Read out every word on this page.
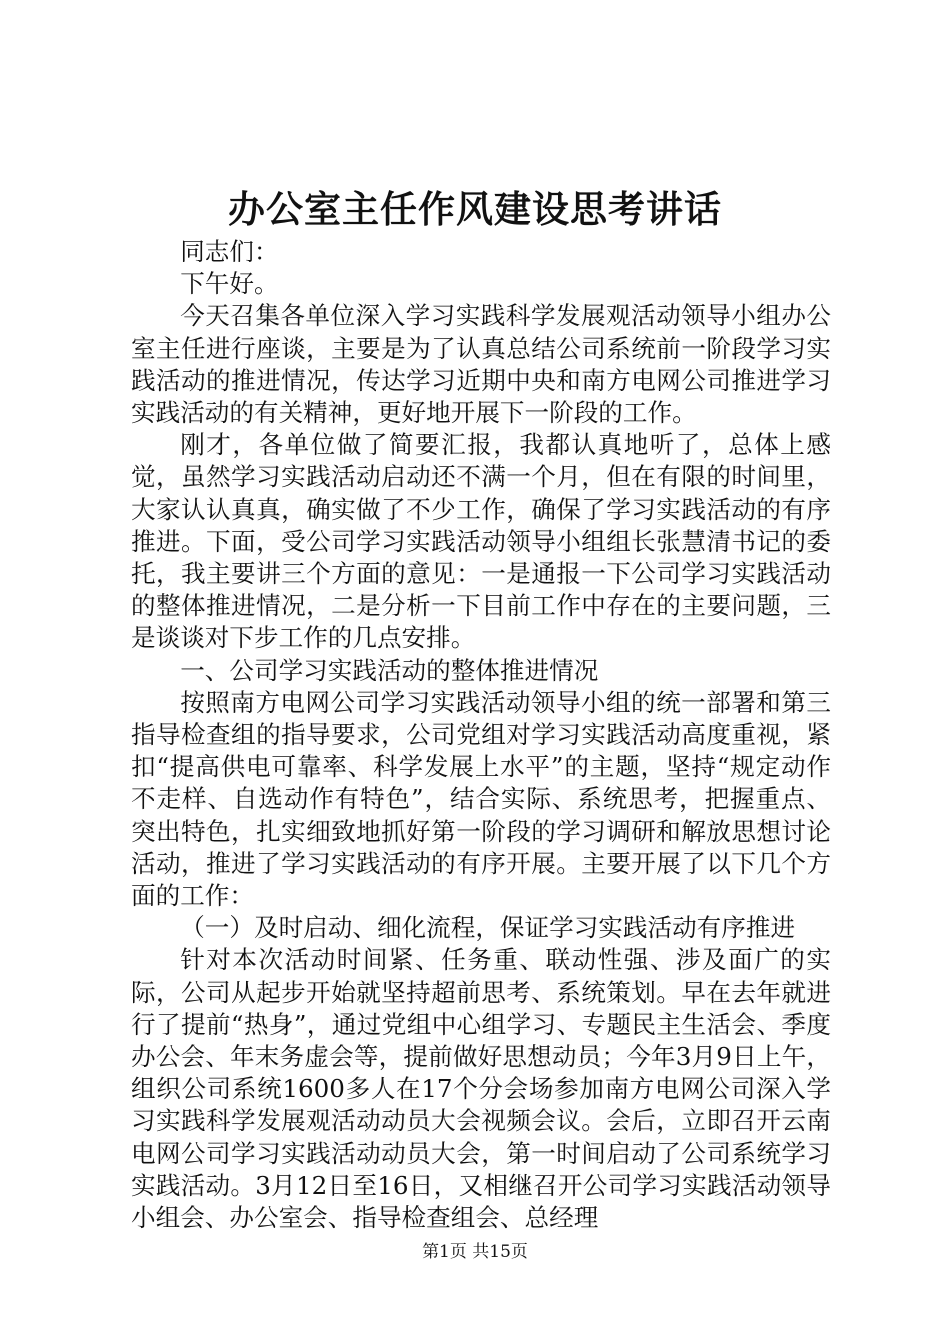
办公室主任作风建设思考讲话

同志们：

下午好。

今天召集各单位深入学习实践科学发展观活动领导小组办公室主任进行座谈，主要是为了认真总结公司系统前一阶段学习实践活动的推进情况，传达学习近期中央和南方电网公司推进学习实践活动的有关精神，更好地开展下一阶段的工作。

刚才，各单位做了简要汇报，我都认真地听了，总体上感觉，虽然学习实践活动启动还不满一个月，但在有限的时间里，大家认认真真，确实做了不少工作，确保了学习实践活动的有序推进。下面，受公司学习实践活动领导小组组长张慧清书记的委托，我主要讲三个方面的意见：一是通报一下公司学习实践活动的整体推进情况，二是分析一下目前工作中存在的主要问题，三是谈谈对下步工作的几点安排。

一、公司学习实践活动的整体推进情况

按照南方电网公司学习实践活动领导小组的统一部署和第三指导检查组的指导要求，公司党组对学习实践活动高度重视，紧扣“提高供电可靠率、科学发展上水平”的主题，坚持“规定动作不走样、自选动作有特色”，结合实际、系统思考，把握重点、突出特色，扎实细致地抓好第一阶段的学习调研和解放思想讨论活动，推进了学习实践活动的有序开展。主要开展了以下几个方面的工作：

（一）及时启动、细化流程，保证学习实践活动有序推进

针对本次活动时间紧、任务重、联动性强、涉及面广的实际，公司从起步开始就坚持超前思考、系统策划。早在去年就进行了提前“热身”，通过党组中心组学习、专题民主生活会、季度办公会、年末务虚会等，提前做好思想动员；今年3月9日上午，组织公司系统1600多人在17个分会场参加南方电网公司深入学习实践科学发展观活动动员大会视频会议。会后，立即召开云南电网公司学习实践活动动员大会，第一时间启动了公司系统学习实践活动。3月12日至16日，又相继召开公司学习实践活动领导小组会、办公室会、指导检查组会、总经理

第1页 共15页
